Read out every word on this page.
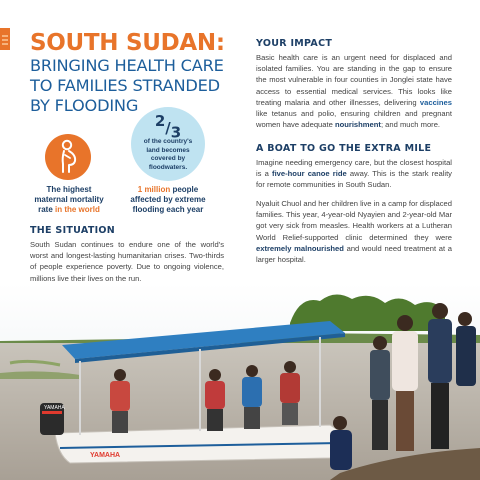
SOUTH SUDAN:
BRINGING HEALTH CARE
TO FAMILIES STRANDED
BY FLOODING
The highest
maternal mortality
rate in the world
$^2/_3$
of the country's
land becomes
covered by
floodwaters.
1 million people
affected by extreme
flooding each year
THE SITUATION
South Sudan continues to endure one of the world's worst and longest-lasting humanitarian crises. Two-thirds of people experience poverty. Due to ongoing violence, millions live their lives on the run.
YOUR IMPACT
Basic health care is an urgent need for displaced and isolated families. You are standing in the gap to ensure the most vulnerable in four counties in Jonglei state have access to essential medical services. This looks like treating malaria and other illnesses, delivering vaccines like tetanus and polio, ensuring children and pregnant women have adequate nourishment; and much more.
A BOAT TO GO THE EXTRA MILE
Imagine needing emergency care, but the closest hospital is a five-hour canoe ride away. This is the stark reality for remote communities in South Sudan.
Nyaluit Chuol and her children live in a camp for displaced families. This year, 4-year-old Nyayien and 2-year-old Mar got very sick from measles. Health workers at a Lutheran World Relief-supported clinic determined they were extremely malnourished and would need treatment at a larger hospital.
YAMAHA
YAMAHA
